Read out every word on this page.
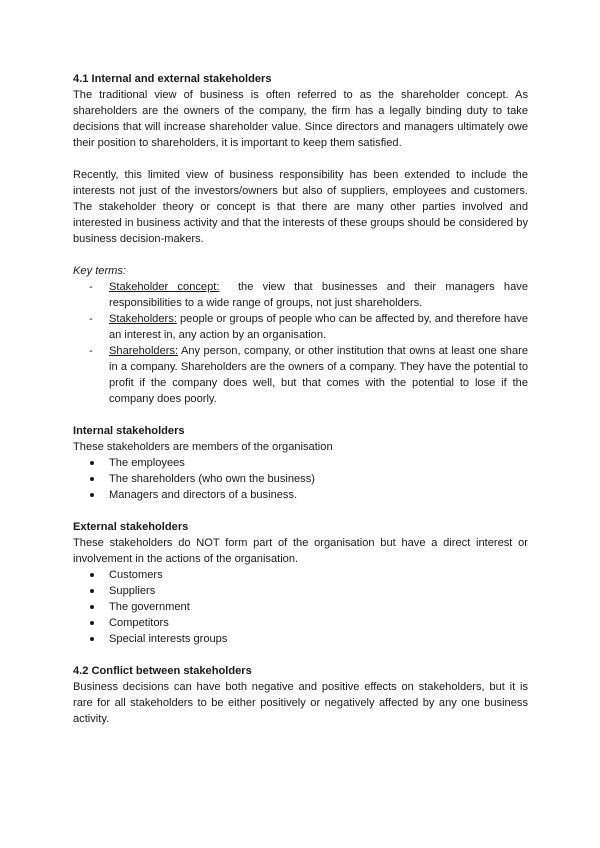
4.1 Internal and external stakeholders

The traditional view of business is often referred to as the shareholder concept. As shareholders are the owners of the company, the firm has a legally binding duty to take decisions that will increase shareholder value. Since directors and managers ultimately owe their position to shareholders, it is important to keep them satisfied.

Recently, this limited view of business responsibility has been extended to include the interests not just of the investors/owners but also of suppliers, employees and customers. The stakeholder theory or concept is that there are many other parties involved and interested in business activity and that the interests of these groups should be considered by business decision-makers.

Key terms:

- Stakeholder concept:  the view that businesses and their managers have responsibilities to a wide range of groups, not just shareholders.
- Stakeholders: people or groups of people who can be affected by, and therefore have an interest in, any action by an organisation.
- Shareholders: Any person, company, or other institution that owns at least one share in a company. Shareholders are the owners of a company. They have the potential to profit if the company does well, but that comes with the potential to lose if the company does poorly.

Internal stakeholders

These stakeholders are members of the organisation

The employees
The shareholders (who own the business)
Managers and directors of a business.

External stakeholders

These stakeholders do NOT form part of the organisation but have a direct interest or involvement in the actions of the organisation.

Customers
Suppliers
The government
Competitors
Special interests groups
4.2 Conflict between stakeholders

Business decisions can have both negative and positive effects on stakeholders, but it is rare for all stakeholders to be either positively or negatively affected by any one business activity.
